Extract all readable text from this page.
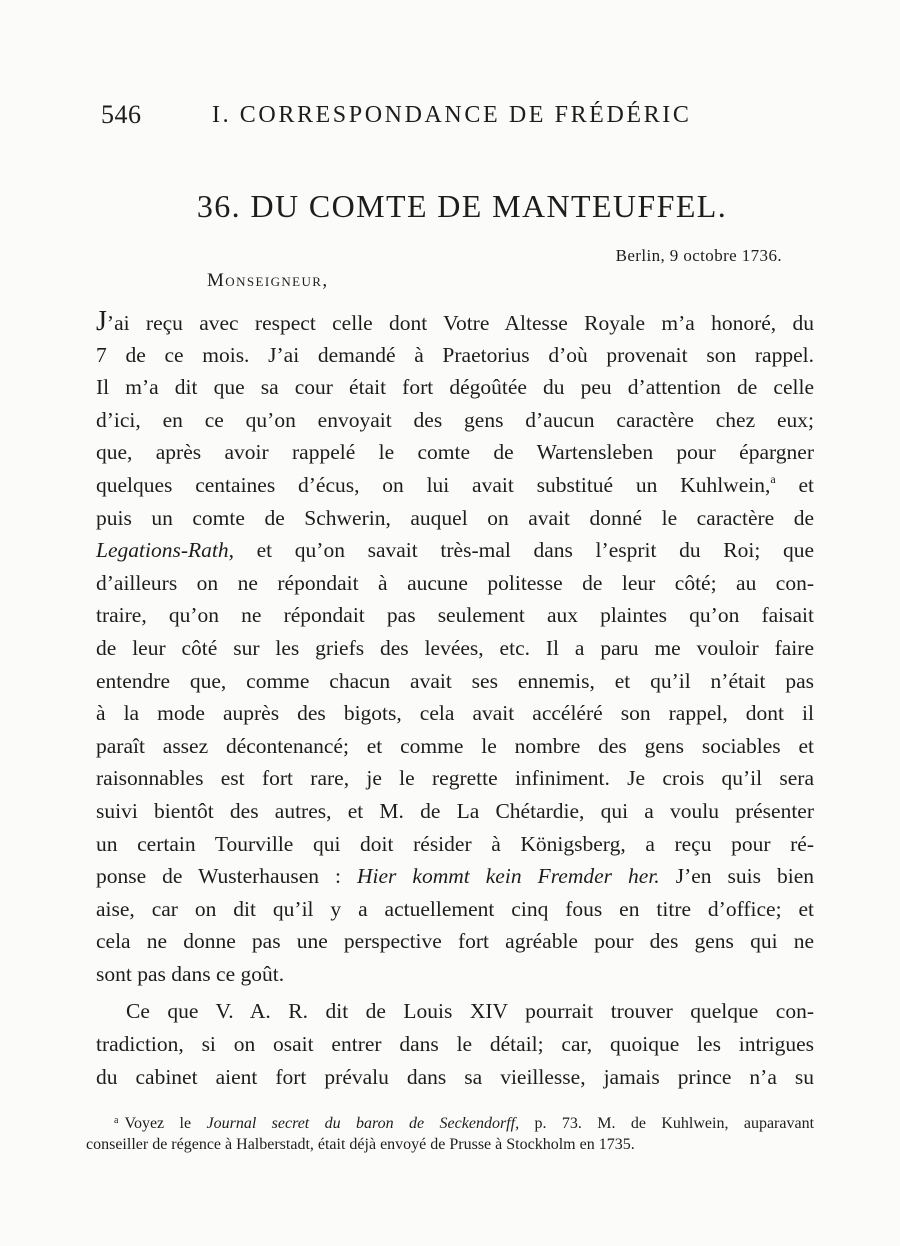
546	I. CORRESPONDANCE DE FRÉDÉRIC
36. DU COMTE DE MANTEUFFEL.
Berlin, 9 octobre 1736.
Monseigneur,
J’ai reçu avec respect celle dont Votre Altesse Royale m’a honoré, du
7 de ce mois. J’ai demandé à Praetorius d’où provenait son rappel.
Il m’a dit que sa cour était fort dégoûtée du peu d’attention de celle
d’ici, en ce qu’on envoyait des gens d’aucun caractère chez eux;
que, après avoir rappelé le comte de Wartensleben pour épargner
quelques centaines d’écus, on lui avait substitué un Kuhlwein,$^a$ et
puis un comte de Schwerin, auquel on avait donné le caractère de
Legations-Rath, et qu’on savait très-mal dans l’esprit du Roi; que
d’ailleurs on ne répondait à aucune politesse de leur côté; au con-
traire, qu’on ne répondait pas seulement aux plaintes qu’on faisait
de leur côté sur les griefs des levées, etc. Il a paru me vouloir faire
entendre que, comme chacun avait ses ennemis, et qu’il n’était pas
à la mode auprès des bigots, cela avait accéléré son rappel, dont il
paraît assez décontenancé; et comme le nombre des gens sociables et
raisonnables est fort rare, je le regrette infiniment. Je crois qu’il sera
suivi bientôt des autres, et M. de La Chétardie, qui a voulu présenter
un certain Tourville qui doit résider à Königsberg, a reçu pour ré-
ponse de Wusterhausen : Hier kommt kein Fremder her. J’en suis bien
aise, car on dit qu’il y a actuellement cinq fous en titre d’office; et
cela ne donne pas une perspective fort agréable pour des gens qui ne
sont pas dans ce goût.
Ce que V. A. R. dit de Louis XIV pourrait trouver quelque con-
tradiction, si on osait entrer dans le détail; car, quoique les intrigues
du cabinet aient fort prévalu dans sa vieillesse, jamais prince n’a su
$^a$ Voyez le Journal secret du baron de Seckendorff, p. 73. M. de Kuhlwein, auparavant
conseiller de régence à Halberstadt, était déjà envoyé de Prusse à Stockholm en 1735.
